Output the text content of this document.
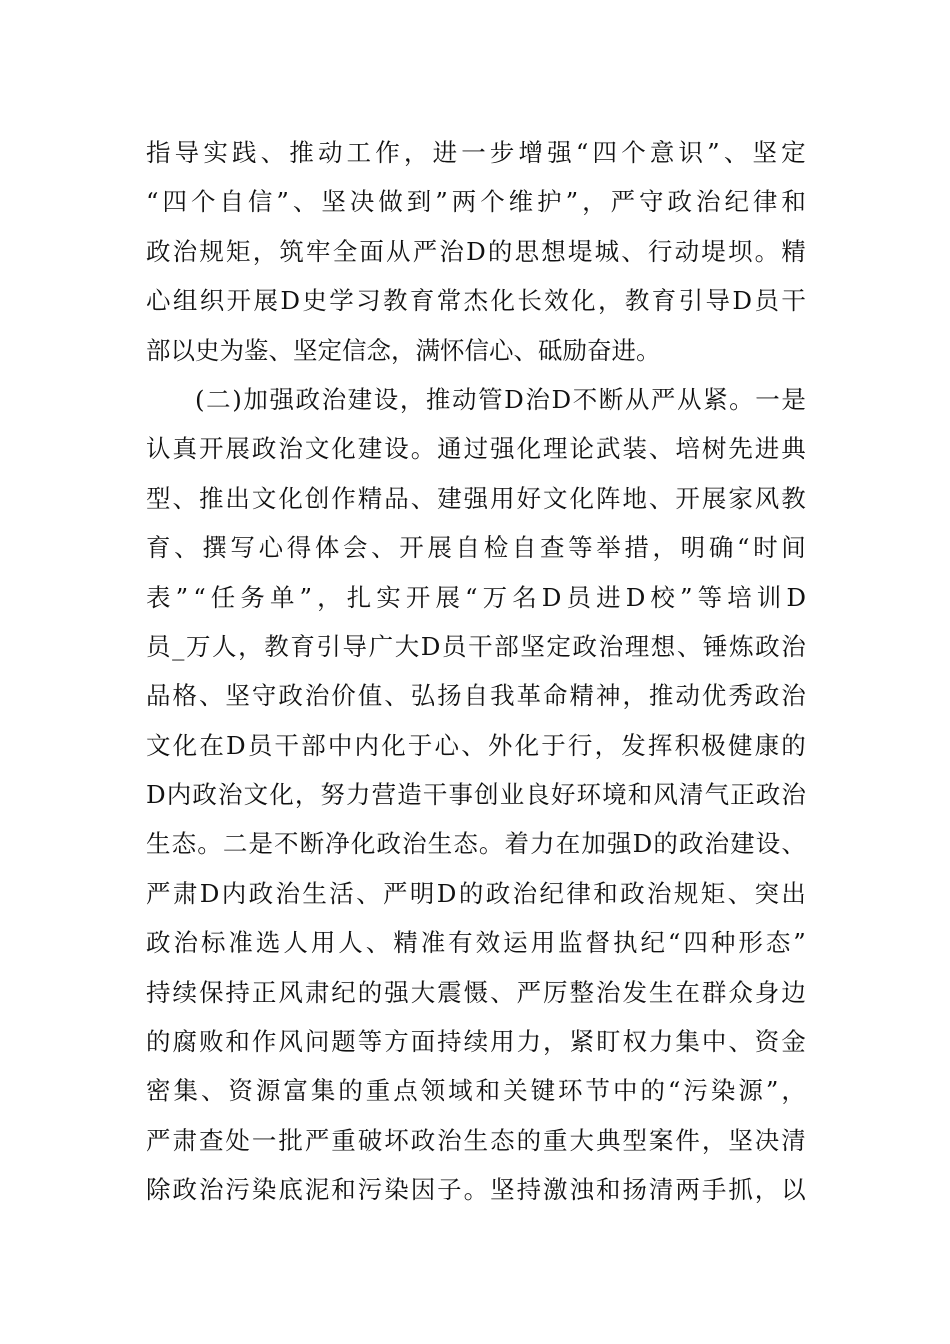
指 导 实 践 、 推 动 工 作 ， 进 一 步 增 强 “ 四 个 意 识 ” 、 坚 定
“ 四 个 自 信 ” 、 坚 决 做 到 ” 两 个 维 护 ” ， 严 守 政 治 纪 律 和
政 治 规 矩 ， 筑 牢 全 面 从 严 治 D 的 思 想 堤 城 、 行 动 堤 坝 。 精
心 组 织 开 展 D 史 学 习 教 育 常 杰 化 长 效 化 ， 教 育 引 导 D 员 干
部 以 史 为 鉴 、 坚 定 信 念 ， 满 怀 信 心 、 砥 励 奋 进 。
( 二 ) 加 强 政 治 建 设 ， 推 动 管 D 治 D 不 断 从 严 从 紧 。 一 是
认 真 开 展 政 治 文 化 建 设 。 通 过 强 化 理 论 武 装 、 培 树 先 进 典
型 、 推 出 文 化 创 作 精 品 、 建 强 用 好 文 化 阵 地 、 开 展 家 风 教
育 、 撰 写 心 得 体 会 、 开 展 自 检 自 查 等 举 措 ， 明 确 “ 时 间
表 ” “ 任 务 单 ” ， 扎 实 开 展 “ 万 名 D 员 进 D 校 ” 等 培 训 D
员 _ 万 人 ， 教 育 引 导 广 大 D 员 干 部 坚 定 政 治 理 想 、 锤 炼 政 治
品 格 、 坚 守 政 治 价 值 、 弘 扬 自 我 革 命 精 神 ， 推 动 优 秀 政 治
文 化 在 D 员 干 部 中 内 化 于 心 、 外 化 于 行 ， 发 挥 积 极 健 康 的
D 内 政 治 文 化 ， 努 力 营 造 干 事 创 业 良 好 环 境 和 风 清 气 正 政 治
生 态 。 二 是 不 断 净 化 政 治 生 态 。 着 力 在 加 强 D 的 政 治 建 设 、
严 肃 D 内 政 治 生 活 、 严 明 D 的 政 治 纪 律 和 政 治 规 矩 、 突 出
政 治 标 准 选 人 用 人 、 精 准 有 效 运 用 监 督 执 纪 “ 四 种 形 态 ”
持 续 保 持 正 风 肃 纪 的 强 大 震 慑 、 严 厉 整 治 发 生 在 群 众 身 边
的 腐 败 和 作 风 问 题 等 方 面 持 续 用 力 ， 紧 盯 权 力 集 中 、 资 金
密 集 、 资 源 富 集 的 重 点 领 域 和 关 键 环 节 中 的 “ 污 染 源 ” ，
严 肃 查 处 一 批 严 重 破 坏 政 治 生 态 的 重 大 典 型 案 件 ， 坚 决 清
除 政 治 污 染 底 泥 和 污 染 因 子 。 坚 持 激 浊 和 扬 清 两 手 抓 ， 以
